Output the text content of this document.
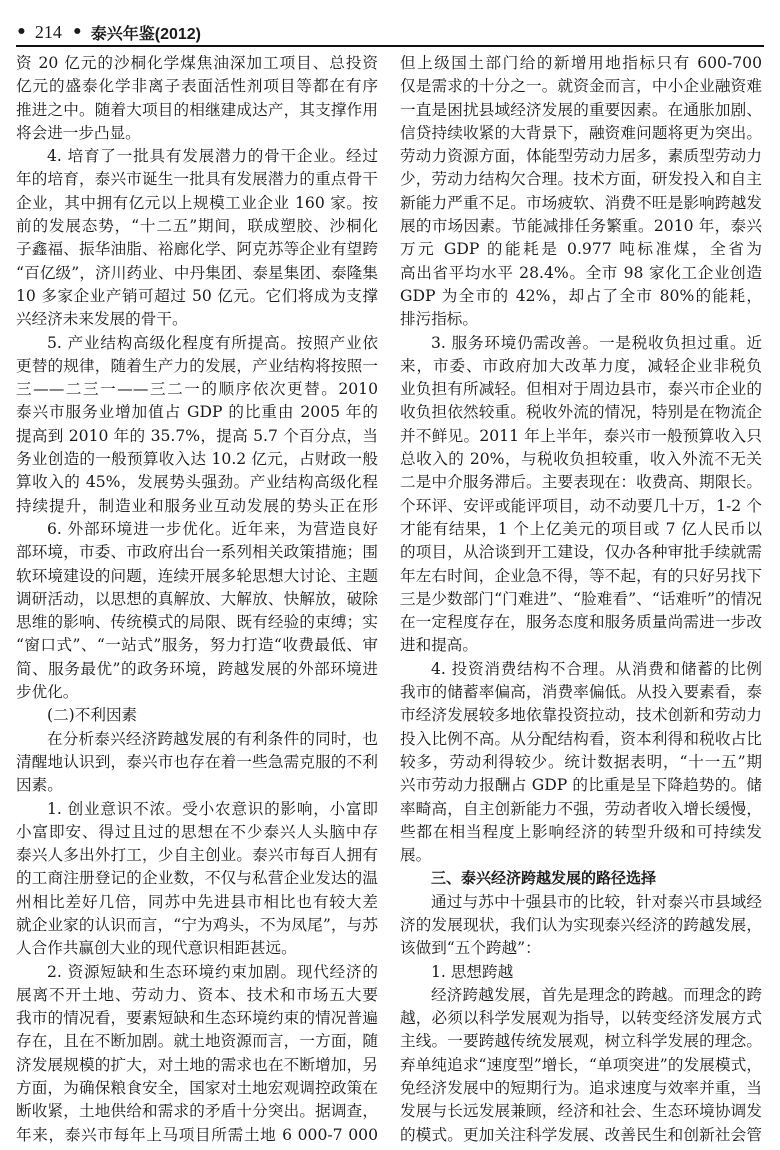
• 214 • 泰兴年鉴(2012)
资 20 亿元的沙桐化学煤焦油深加工项目、总投资
亿元的盛泰化学非离子表面活性剂项目等都在有序
推进之中。随着大项目的相继建成达产，其支撑作用
将会进一步凸显。
4. 培育了一批具有发展潜力的骨干企业。经过
年的培育，泰兴市诞生一批具有发展潜力的重点骨干
企业，其中拥有亿元以上规模工业企业 160 家。按
前的发展态势，“十二五”期间，联成塑胶、沙桐化
子鑫福、振华油脂、裕廊化学、阿克苏等企业有望跨
“百亿级”，济川药业、中丹集团、泰星集团、泰隆集
10 多家企业产销可超过 50 亿元。它们将成为支撑
兴经济未来发展的骨干。
5. 产业结构高级化程度有所提高。按照产业依
更替的规律，随着生产力的发展，产业结构将按照一
三——二三一——三二一的顺序依次更替。2010
泰兴市服务业增加值占 GDP 的比重由 2005 年的
提高到 2010 年的 35.7%，提高 5.7 个百分点，当
务业创造的一般预算收入达 10.2 亿元，占财政一般
算收入的 45%，发展势头强劲。产业结构高级化程
持续提升，制造业和服务业互动发展的势头正在形
6. 外部环境进一步优化。近年来，为营造良好
部环境，市委、市政府出台一系列相关政策措施；围
软环境建设的问题，连续开展多轮思想大讨论、主题
调研活动，以思想的真解放、大解放、快解放，破除
思维的影响、传统模式的局限、既有经验的束缚；实
“窗口式”、“一站式”服务，努力打造“收费最低、审
简、服务最优”的政务环境，跨越发展的外部环境进
步优化。
(二)不利因素
在分析泰兴经济跨越发展的有利条件的同时，也
清醒地认识到，泰兴市也存在着一些急需克服的不利
因素。
1. 创业意识不浓。受小农意识的影响，小富即
小富即安、得过且过的思想在不少泰兴人头脑中存
泰兴人多出外打工，少自主创业。泰兴市每百人拥有
的工商注册登记的企业数，不仅与私营企业发达的温
州相比差好几倍，同苏中先进县市相比也有较大差
就企业家的认识而言，“宁为鸡头，不为凤尾”，与苏
人合作共赢创大业的现代意识相距甚远。
2. 资源短缺和生态环境约束加剧。现代经济的
展离不开土地、劳动力、资本、技术和市场五大要
我市的情况看，要素短缺和生态环境约束的情况普遍
存在，且在不断加剧。就土地资源而言，一方面，随
济发展规模的扩大，对土地的需求也在不断增加，另
方面，为确保粮食安全，国家对土地宏观调控政策在
断收紧，土地供给和需求的矛盾十分突出。据调查，
年来，泰兴市每年上马项目所需土地 6 000-7 000
但上级国土部门给的新增用地指标只有 600-700
仅是需求的十分之一。就资金而言，中小企业融资难
一直是困扰县域经济发展的重要因素。在通胀加剧、
信贷持续收紧的大背景下，融资难问题将更为突出。
劳动力资源方面，体能型劳动力居多，素质型劳动力
少，劳动力结构欠合理。技术方面，研发投入和自主
新能力严重不足。市场疲软、消费不旺是影响跨越发
展的市场因素。节能减排任务繁重。2010 年，泰兴
万元 GDP 的能耗是 0.977 吨标准煤，全省为
高出省平均水平 28.4%。全市 98 家化工企业创造
GDP 为全市的 42%，却占了全市 80%的能耗，
排污指标。
3. 服务环境仍需改善。一是税收负担过重。近
来，市委、市政府加大改革力度，减轻企业非税负
业负担有所减轻。但相对于周边县市，泰兴市企业的
收负担依然较重。税收外流的情况，特别是在物流企
并不鲜见。2011 年上半年，泰兴市一般预算收入只
总收入的 20%，与税收负担较重，收入外流不无关
二是中介服务滞后。主要表现在：收费高、期限长。
个环评、安评或能评项目，动不动要几十万，1-2 个
才能有结果，1 个上亿美元的项目或 7 亿人民币以
的项目，从洽谈到开工建设，仅办各种审批手续就需
年左右时间，企业急不得，等不起，有的只好另找下
三是少数部门“门难进”、“脸难看”、“话难听”的情况
在一定程度存在，服务态度和服务质量尚需进一步改
进和提高。
4. 投资消费结构不合理。从消费和储蓄的比例
我市的储蓄率偏高，消费率偏低。从投入要素看，泰
市经济发展较多地依靠投资拉动，技术创新和劳动力
投入比例不高。从分配结构看，资本利得和税收占比
较多，劳动利得较少。统计数据表明，“十一五”期
兴市劳动力报酬占 GDP 的比重是呈下降趋势的。储
率畸高，自主创新能力不强，劳动者收入增长缓慢，
些都在相当程度上影响经济的转型升级和可持续发
展。
三、泰兴经济跨越发展的路径选择
通过与苏中十强县市的比较，针对泰兴市县域经
济的发展现状，我们认为实现泰兴经济的跨越发展，
该做到“五个跨越”：
1. 思想跨越
经济跨越发展，首先是理念的跨越。而理念的跨
越，必须以科学发展观为指导，以转变经济发展方式
主线。一要跨越传统发展观，树立科学发展的理念。
弃单纯追求“速度型”增长，“单项突进”的发展模式，
免经济发展中的短期行为。追求速度与效率并重，当
发展与长远发展兼顾，经济和社会、生态环境协调发
的模式。更加关注科学发展、改善民生和创新社会管
